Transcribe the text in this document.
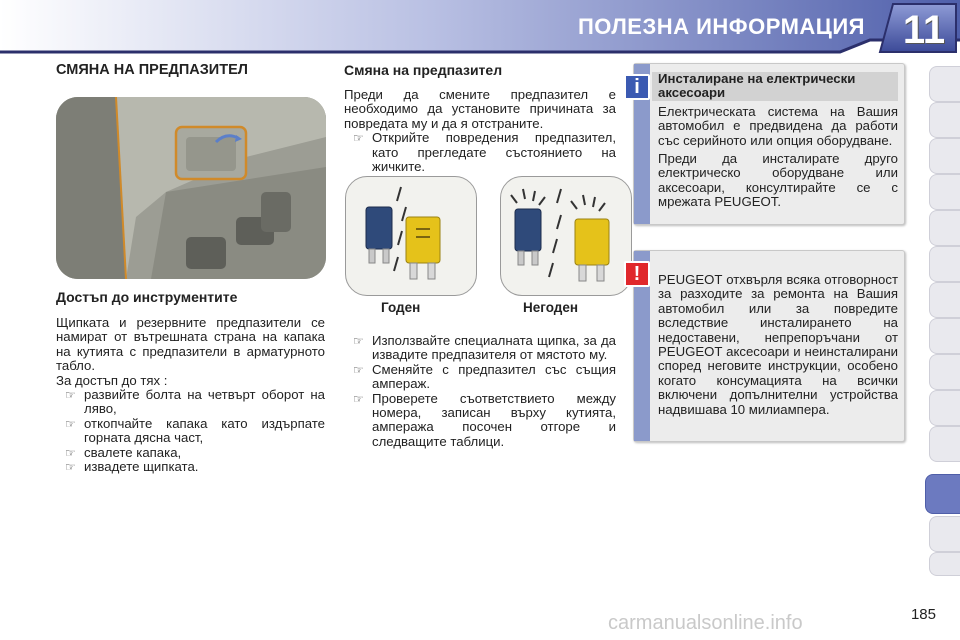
ПОЛЕЗНА ИНФОРМАЦИЯ 11
СМЯНА НА ПРЕДПАЗИТЕЛ
Достъп до инструментите

Щипката и резервните предпазители се намират от вътрешната страна на капака на кутията с предпазители в арматурното табло.

За достъп до тях :

☞ развийте болта на четвърт оборот на ляво,
☞ откопчайте капака като издърпате горната дясна част,
☞ свалете капака,
☞ извадете щипката.
Смяна на предпазител

Преди да смените предпазител е необходимо да установите причината за повредата му и да я отстраните.

☞ Открийте повредения предпазител, като прегледате състоянието на жичките.
Годен	Негоден
☞ Използвайте специалната щипка, за да извадите предпазителя от мястото му.
☞ Сменяйте с предпазител със същия ампераж.
☞ Проверете съответствието между номера, записан върху кутията, ампеража посочен отгоре и следващите таблици.

Инсталиране на електрически аксесоари

Електрическата система на Вашия автомобил е предвидена да работи със серийното или опция оборудване.

Преди да инсталирате друго електрическо оборудване или аксесоари, консултирайте се с мрежата PEUGEOT.

i

PEUGEOT отхвърля всяка отговорност за разходите за ремонта на Вашия автомобил или за повредите вследствие инсталирането на недоставени, непрепоръчани от PEUGEOT аксесоари и неинсталирани според неговите инструкции, особено когато консумацията на всички включени допълнителни устройства надвишава 10 милиампера.

!
185
carmanualsonline.info
